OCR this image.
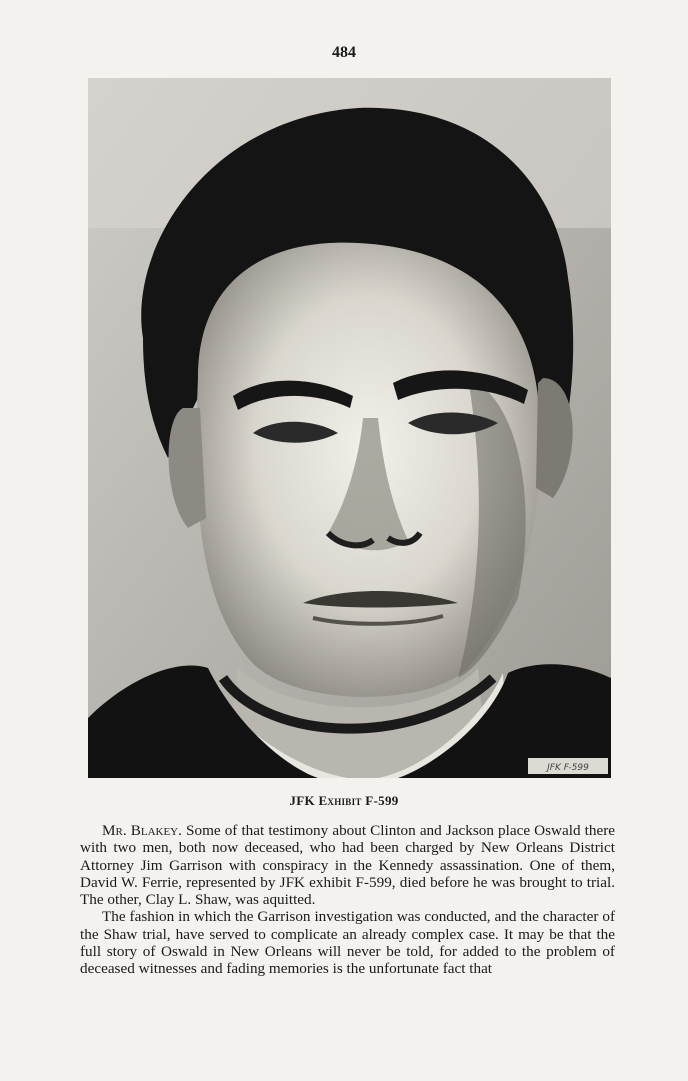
484
JFK F-599
JFK Exhibit F-599

Mr. Blakey. Some of that testimony about Clinton and Jackson place Oswald there with two men, both now deceased, who had been charged by New Orleans District Attorney Jim Garrison with conspiracy in the Kennedy assassination. One of them, David W. Ferrie, represented by JFK exhibit F-599, died before he was brought to trial. The other, Clay L. Shaw, was aquitted.

The fashion in which the Garrison investigation was conducted, and the character of the Shaw trial, have served to complicate an already complex case. It may be that the full story of Oswald in New Orleans will never be told, for added to the problem of deceased witnesses and fading memories is the unfortunate fact that
